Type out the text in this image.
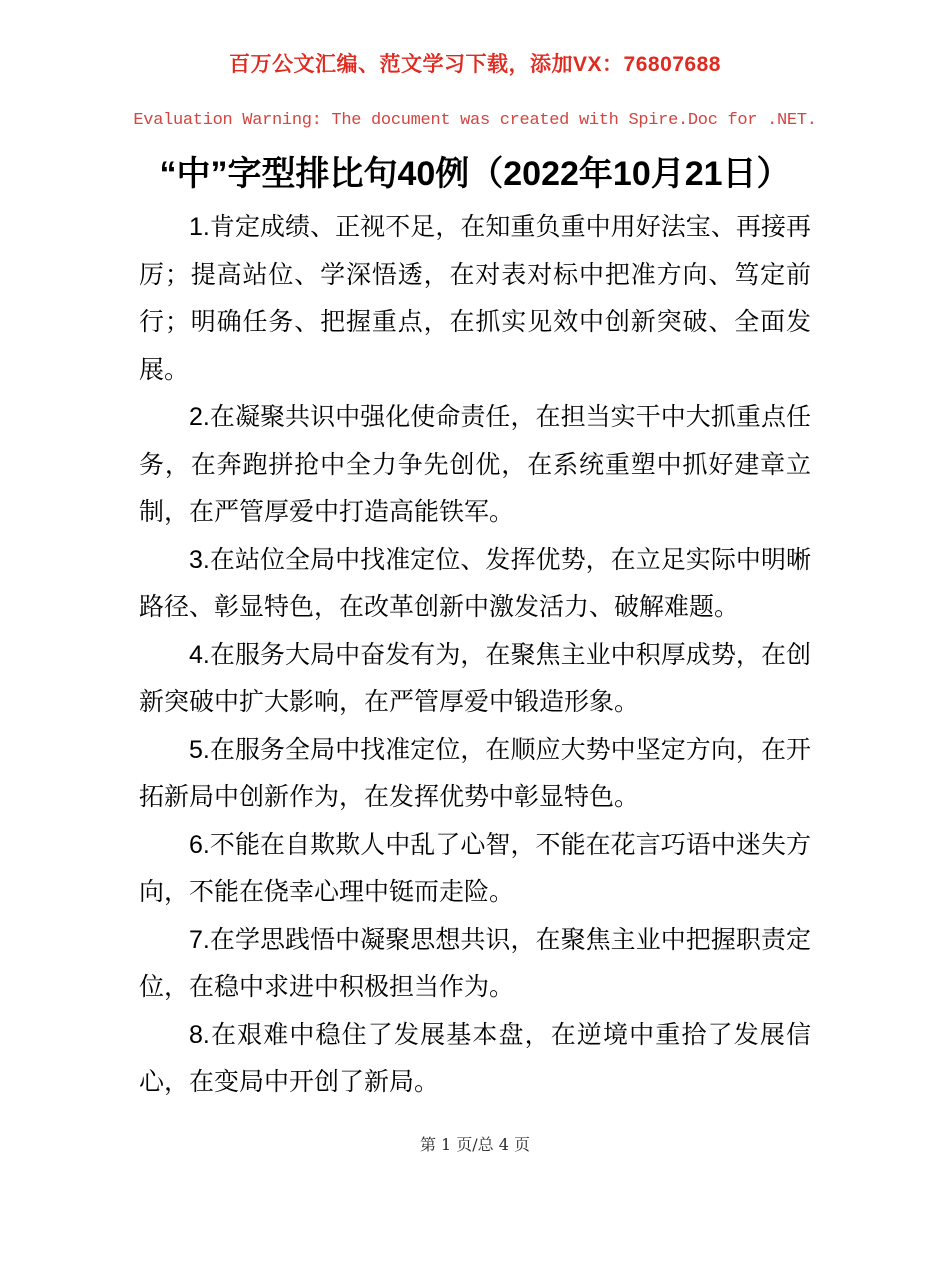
百万公文汇编、范文学习下载，添加VX：76807688
Evaluation Warning: The document was created with Spire.Doc for .NET.
“中”字型排比句40例（2022年10月21日）

1.肯定成绩、正视不足，在知重负重中用好法宝、再接再厉；提高站位、学深悟透，在对表对标中把准方向、笃定前行；明确任务、把握重点，在抓实见效中创新突破、全面发展。

2.在凝聚共识中强化使命责任，在担当实干中大抓重点任务，在奔跑拼抢中全力争先创优，在系统重塑中抓好建章立制，在严管厚爱中打造高能铁军。

3.在站位全局中找准定位、发挥优势，在立足实际中明晰路径、彰显特色，在改革创新中激发活力、破解难题。

4.在服务大局中奋发有为，在聚焦主业中积厚成势，在创新突破中扩大影响，在严管厚爱中锻造形象。

5.在服务全局中找准定位，在顺应大势中坚定方向，在开拓新局中创新作为，在发挥优势中彰显特色。

6.不能在自欺欺人中乱了心智，不能在花言巧语中迷失方向，不能在侥幸心理中铤而走险。

7.在学思践悟中凝聚思想共识，在聚焦主业中把握职责定位，在稳中求进中积极担当作为。

8.在艰难中稳住了发展基本盘，在逆境中重拾了发展信心，在变局中开创了新局。

第 1 页/总 4 页
